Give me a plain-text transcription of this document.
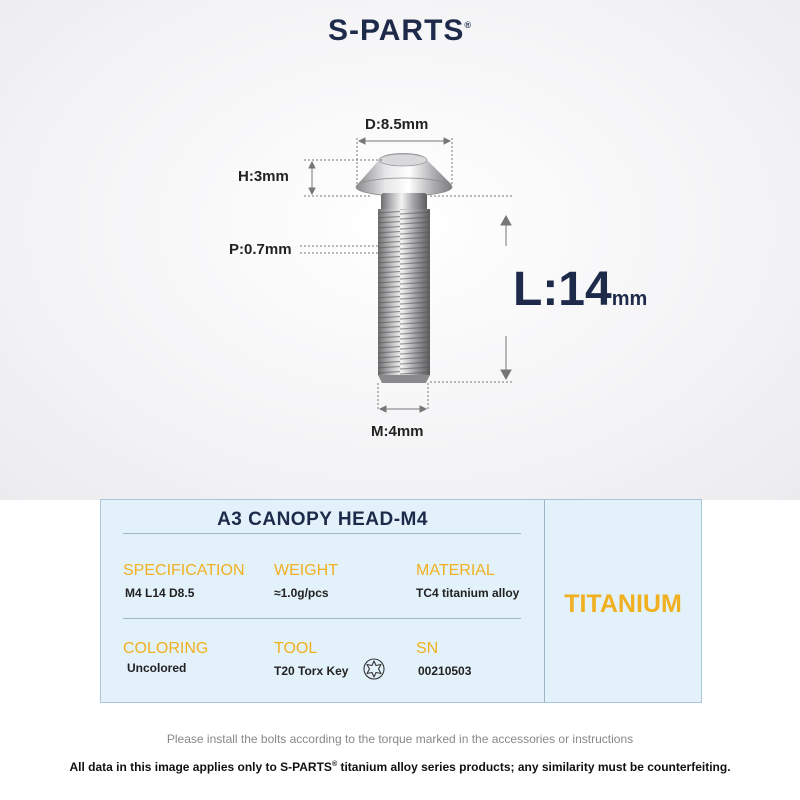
S-PARTS®
D:8.5mm
H:3mm
P:0.7mm
L:14mm
M:4mm
A3 CANOPY HEAD-M4
SPECIFICATION
M4 L14 D8.5
WEIGHT
≈1.0g/pcs
MATERIAL
TC4 titanium alloy
COLORING
Uncolored
TOOL
T20 Torx Key
SN
00210503
TITANIUM
Please install the bolts according to the torque marked in the accessories or instructions
All data in this image applies only to S-PARTS® titanium alloy series products; any similarity must be counterfeiting.
